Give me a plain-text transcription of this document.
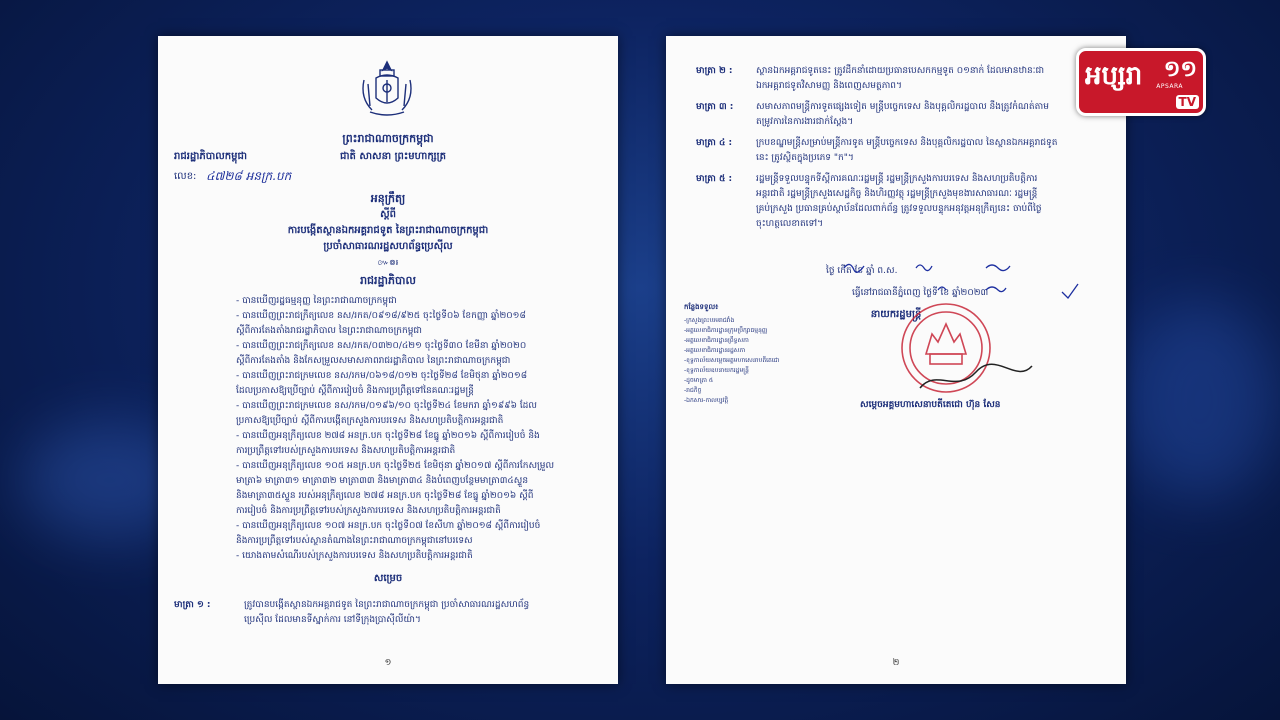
ព្រះរាជាណាចក្រកម្ពុជា
រាជរដ្ឋាភិបាលកម្ពុជា	ជាតិ សាសនា ព្រះមហាក្សត្រ
លេខ: ៤៧២៨ អនក្រ.បក
អនុក្រឹត្យ
ស្តីពី
ការបង្កើតស្ថានឯកអគ្គរាជទូត នៃព្រះរាជាណាចក្រកម្ពុជា
ប្រចាំសាធារណរដ្ឋសហព័ន្ធប្រេស៊ីល
៚៙៛
រាជរដ្ឋាភិបាល
- បានឃើញរដ្ឋធម្មនុញ្ញ នៃព្រះរាជាណាចក្រកម្ពុជា
- បានឃើញព្រះរាជក្រឹត្យលេខ នស/រកត/០៩១៨/៩២៥ ចុះថ្ងៃទី០៦ ខែកញ្ញា ឆ្នាំ២០១៨
ស្តីពីការតែងតាំងរាជរដ្ឋាភិបាល នៃព្រះរាជាណាចក្រកម្ពុជា
- បានឃើញព្រះរាជក្រឹត្យលេខ នស/រកត/០៣២០/៤២១ ចុះថ្ងៃទី៣០ ខែមីនា ឆ្នាំ២០២០
ស្តីពីការតែងតាំង និងកែសម្រួលសមាសភាពរាជរដ្ឋាភិបាល នៃព្រះរាជាណាចក្រកម្ពុជា
- បានឃើញព្រះរាជក្រមលេខ នស/រកម/០៦១៨/០១២ ចុះថ្ងៃទី២៨ ខែមិថុនា ឆ្នាំ២០១៨
ដែលប្រកាសឱ្យប្រើច្បាប់ ស្តីពីការរៀបចំ និងការប្រព្រឹត្តទៅនៃគណៈរដ្ឋមន្ត្រី
- បានឃើញព្រះរាជក្រមលេខ នស/រកម/០១៩៦/១០ ចុះថ្ងៃទី២៤ ខែមករា ឆ្នាំ១៩៩៦ ដែល
ប្រកាសឱ្យប្រើច្បាប់ ស្តីពីការបង្កើតក្រសួងការបរទេស និងសហប្រតិបត្តិការអន្តរជាតិ
- បានឃើញអនុក្រឹត្យលេខ ២៧៨ អនក្រ.បក ចុះថ្ងៃទី២៨ ខែធ្នូ ឆ្នាំ២០១៦ ស្តីពីការរៀបចំ និង
ការប្រព្រឹត្តទៅរបស់ក្រសួងការបរទេស និងសហប្រតិបត្តិការអន្តរជាតិ
- បានឃើញអនុក្រឹត្យលេខ ១០៥ អនក្រ.បក ចុះថ្ងៃទី២៥ ខែមិថុនា ឆ្នាំ២០១៧ ស្តីពីការកែសម្រួល
មាត្រា៦ មាត្រា៣១ មាត្រា៣២ មាត្រា៣៣ និងមាត្រា៣៤ និងបំពេញបន្ថែមមាត្រា៣៤ស្ទួន
និងមាត្រា៣៥ស្ទួន របស់អនុក្រឹត្យលេខ ២៧៨ អនក្រ.បក ចុះថ្ងៃទី២៨ ខែធ្នូ ឆ្នាំ២០១៦ ស្តីពី
ការរៀបចំ និងការប្រព្រឹត្តទៅរបស់ក្រសួងការបរទេស និងសហប្រតិបត្តិការអន្តរជាតិ
- បានឃើញអនុក្រឹត្យលេខ ១០៧ អនក្រ.បក ចុះថ្ងៃទី០៧ ខែសីហា ឆ្នាំ២០១៨ ស្តីពីការរៀបចំ
និងការប្រព្រឹត្តទៅរបស់ស្ថានតំណាងនៃព្រះរាជាណាចក្រកម្ពុជានៅបរទេស
- យោងតាមសំណើរបស់ក្រសួងការបរទេស និងសហប្រតិបត្តិការអន្តរជាតិ
សម្រេច
មាត្រា ១ :	ត្រូវបានបង្កើតស្ថានឯកអគ្គរាជទូត នៃព្រះរាជាណាចក្រកម្ពុជា ប្រចាំសាធារណរដ្ឋសហព័ន្ធ
ប្រេស៊ីល ដែលមានទីស្នាក់ការ នៅទីក្រុងប្រាស៊ីលីយ៉ា។
១
មាត្រា ២ :	ស្ថានឯកអគ្គរាជទូតនេះ ត្រូវដឹកនាំដោយប្រធានបេសកកម្មទូត ០១នាក់ ដែលមានឋានៈជា
ឯកអគ្គរាជទូតវិសាមញ្ញ និងពេញសមត្ថភាព។
មាត្រា ៣ :	សមាសភាពមន្ត្រីការទូតផ្សេងទៀត មន្ត្រីបច្ចេកទេស និងបុគ្គលិករដ្ឋបាល នឹងត្រូវកំណត់តាម
តម្រូវការនៃការងារជាក់ស្តែង។
មាត្រា ៤ :	ក្របខណ្ឌមន្ត្រីសម្រាប់មន្ត្រីការទូត មន្ត្រីបច្ចេកទេស និងបុគ្គលិករដ្ឋបាល នៃស្ថានឯកអគ្គរាជទូត
នេះ ត្រូវស្ថិតក្នុងប្រភេទ "ក"។
មាត្រា ៥ :	រដ្ឋមន្ត្រីទទួលបន្ទុកទីស្តីការគណៈរដ្ឋមន្ត្រី រដ្ឋមន្ត្រីក្រសួងការបរទេស និងសហប្រតិបត្តិការ
អន្តរជាតិ រដ្ឋមន្ត្រីក្រសួងសេដ្ឋកិច្ច និងហិរញ្ញវត្ថុ រដ្ឋមន្ត្រីក្រសួងមុខងារសាធារណៈ រដ្ឋមន្ត្រី
គ្រប់ក្រសួង ប្រធានគ្រប់ស្ថាប័នដែលពាក់ព័ន្ធ ត្រូវទទួលបន្ទុកអនុវត្តអនុក្រឹត្យនេះ ចាប់ពីថ្ងៃ
ចុះហត្ថលេខាតទៅ។
ថ្ងៃ កើត ខែ ឆ្នាំ ព.ស.
ធ្វើនៅរាជធានីភ្នំពេញ ថ្ងៃទី ខែ ឆ្នាំ២០២៣
នាយករដ្ឋមន្ត្រី
កន្លែងទទួល៖
-ក្រសួងព្រះបរមរាជវាំង
-អគ្គលេខាធិការដ្ឋានក្រុមប្រឹក្សាធម្មនុញ្ញ
-អគ្គលេខាធិការដ្ឋានព្រឹទ្ធសភា
-អគ្គលេខាធិការដ្ឋានរដ្ឋសភា
-ខុទ្ទកាល័យសម្តេចអគ្គមហាសេនាបតីតេជោ
-ខុទ្ទកាល័យឧបនាយករដ្ឋមន្ត្រី
-ដូចមាត្រា ៥
-រាជកិច្ច
-ឯកសារ-កាលប្បវត្តិ	សម្តេចអគ្គមហាសេនាបតីតេជោ ហ៊ុន សែន
២
អប្សរា ១១
APSARA
TV
